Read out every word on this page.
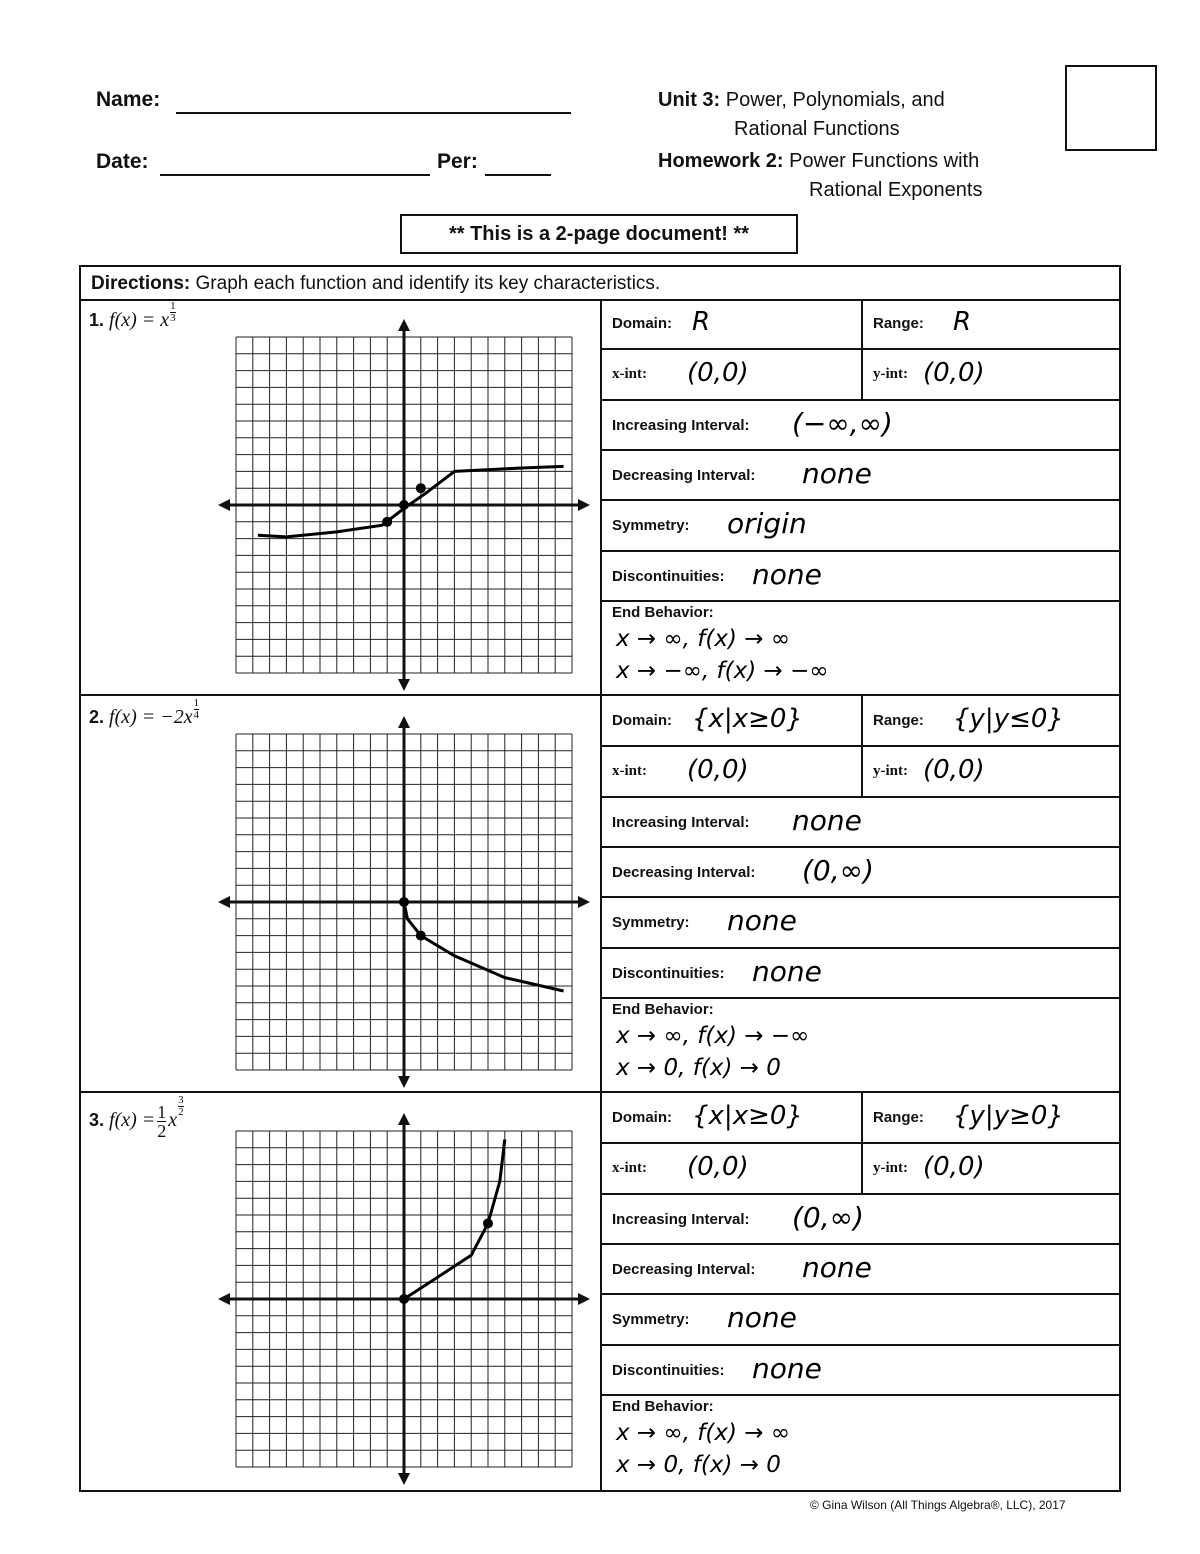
Name:
Date:	Per:
Unit 3: Power, Polynomials, and
Rational Functions
Homework 2: Power Functions with
Rational Exponents
** This is a 2-page document! **
Directions: Graph each function and identify its key characteristics.
1. f(x) = x $\frac{1}{3}$	Domain: R	Range: R
x-int: (0,0)	y-int: (0,0)
Increasing Interval: (−∞,∞)
Decreasing Interval: none
Symmetry: origin
Discontinuities: none
End Behavior:
x → ∞, f(x) → ∞
x → −∞, f(x) → −∞
2. $f(x) = -2x \frac{1}{4}$	Domain: {x|x≥0}	Range: {y|y≤0}
x-int: (0,0)	y-int: (0,0)
Increasing Interval: none
Decreasing Interval: (0,∞)
Symmetry: none
Discontinuities: none
End Behavior:
x → ∞, f(x) → −∞
x → 0, f(x) → 0
3. $f(x) = \frac{1}{2}$ x
$\frac{3}{2}$	Domain: {x|x≥0}	Range: {y|y≥0}
x-int: (0,0)	y-int: (0,0)
Increasing Interval: (0,∞)
Decreasing Interval: none
Symmetry: none
Discontinuities: none
End Behavior:
x → ∞, f(x) → ∞
x → 0, f(x) → 0
© Gina Wilson (All Things Algebra®, LLC), 2017
